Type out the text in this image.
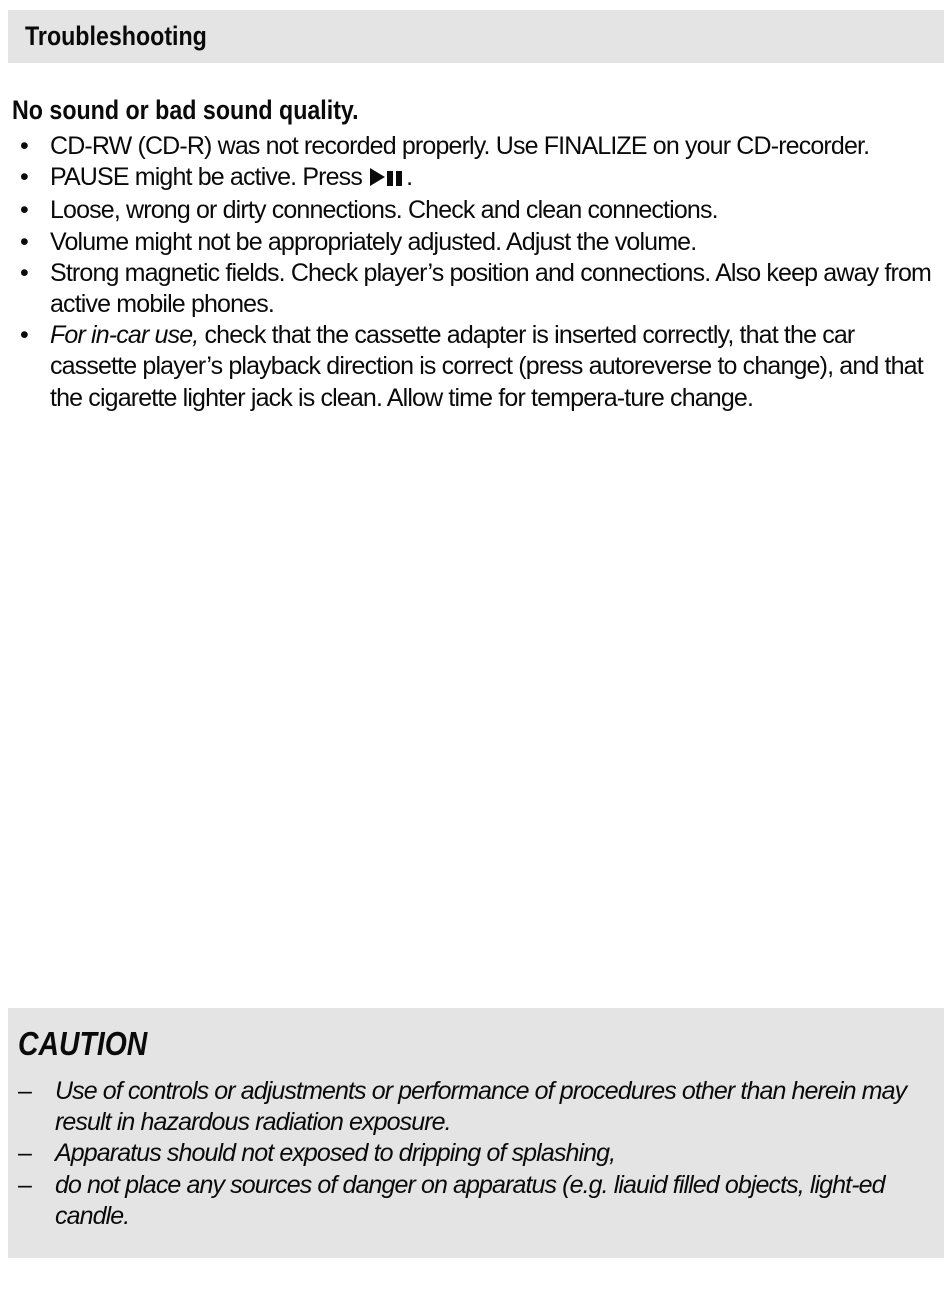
Troubleshooting
No sound or bad sound quality.
• CD-RW (CD-R) was not recorded properly. Use FINALIZE on your CD-recorder.
• PAUSE might be active. Press .
• Loose, wrong or dirty connections. Check and clean connections.
• Volume might not be appropriately adjusted. Adjust the volume.
• Strong magnetic fields. Check player’s position and connections. Also keep away from active mobile phones.
• For in-car use, check that the cassette adapter is inserted correctly, that the car cassette player’s playback direction is correct (press autoreverse to change), and that the cigarette lighter jack is clean. Allow time for tempera-ture change.
CAUTION
– Use of controls or adjustments or performance of procedures other than herein may result in hazardous radiation exposure.
– Apparatus should not exposed to dripping of splashing,
– do not place any sources of danger on apparatus (e.g. liauid filled objects, light-ed candle.
